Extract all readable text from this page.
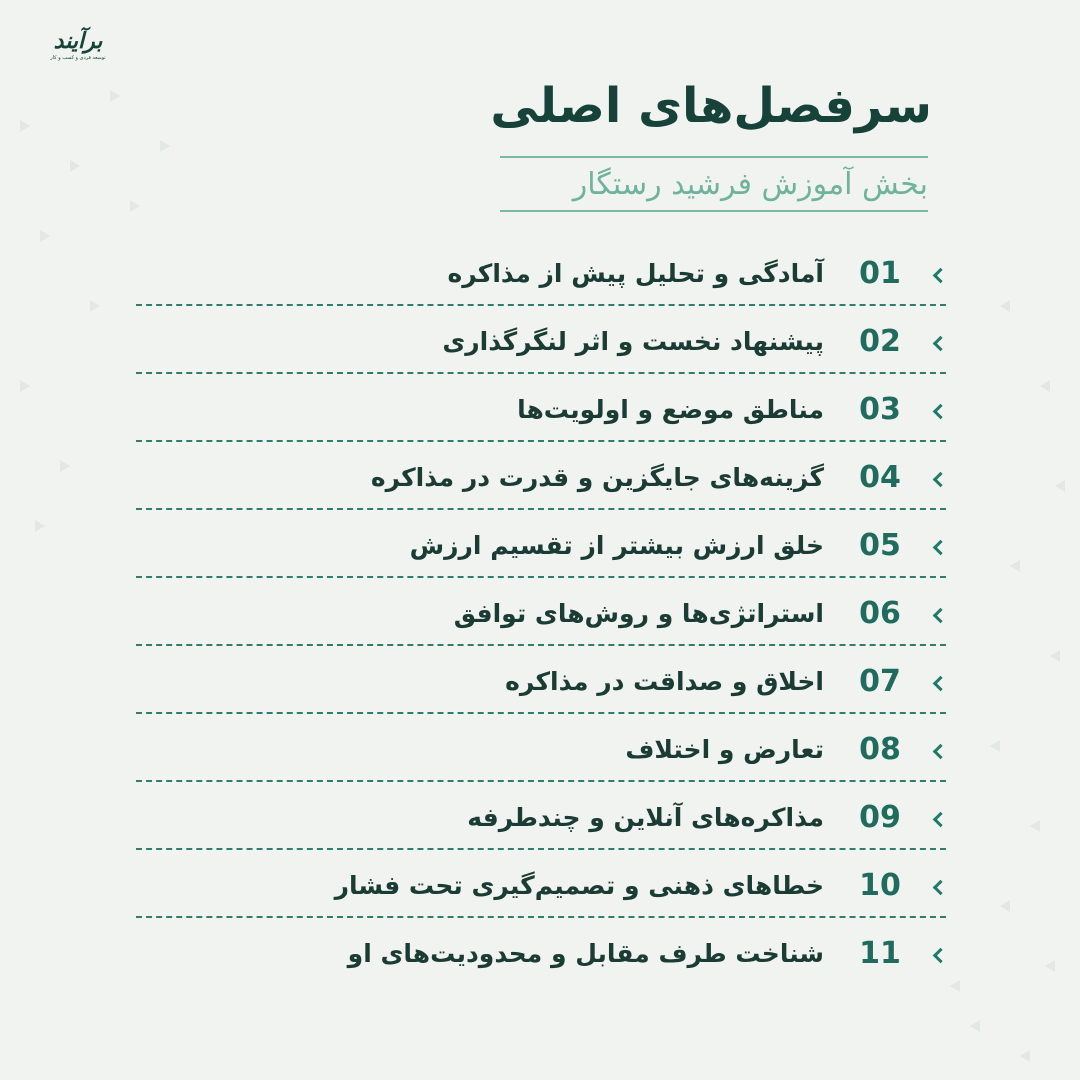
برآیند
توسعه فردی و کسب و کار
سرفصل‌های اصلی
بخش آموزش فرشید رستگار
01
آمادگی و تحلیل پیش از مذاکره
02
پیشنهاد نخست و اثر لنگرگذاری
03
مناطق موضع و اولویت‌ها
04
گزینه‌های جایگزین و قدرت در مذاکره
05
خلق ارزش بیشتر از تقسیم ارزش
06
استراتژی‌ها و روش‌های توافق
07
اخلاق و صداقت در مذاکره
08
تعارض و اختلاف
09
مذاکره‌های آنلاین و چندطرفه
10
خطاهای ذهنی و تصمیم‌گیری تحت فشار
11
شناخت طرف مقابل و محدودیت‌های او
